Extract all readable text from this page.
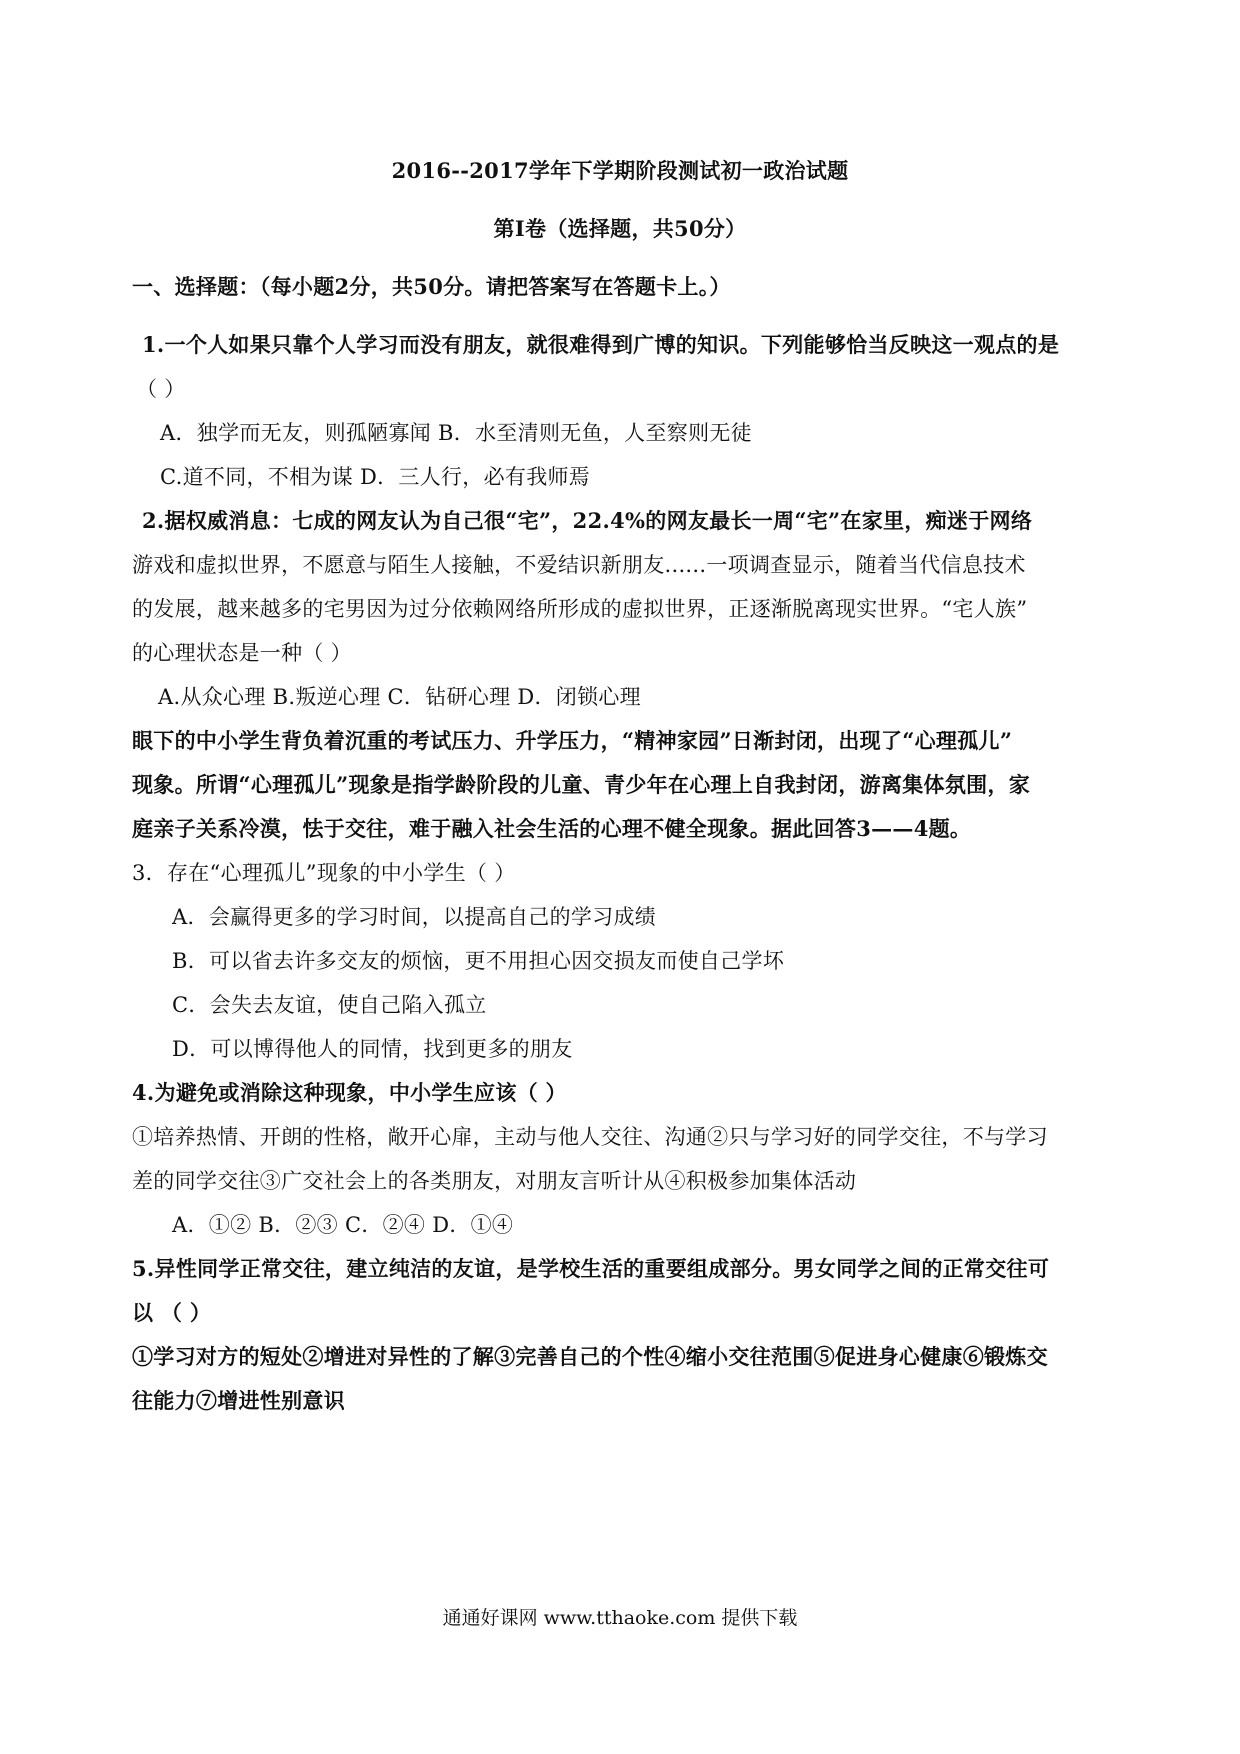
2016--2017学年下学期阶段测试初一政治试题
第Ⅰ卷（选择题，共50分）
一、选择题：（每小题2分，共50分。请把答案写在答题卡上。）
1.一个人如果只靠个人学习而没有朋友，就很难得到广博的知识。下列能够恰当反映这一观点的是
（ ）
A．独学而无友，则孤陋寡闻 B．水至清则无鱼，人至察则无徒
C.道不同，不相为谋 D．三人行，必有我师焉
2.据权威消息：七成的网友认为自己很“宅”，22.4%的网友最长一周“宅”在家里，痴迷于网络
游戏和虚拟世界，不愿意与陌生人接触，不爱结识新朋友......一项调查显示，随着当代信息技术
的发展，越来越多的宅男因为过分依赖网络所形成的虚拟世界，正逐渐脱离现实世界。“宅人族”
的心理状态是一种（ ）
A.从众心理 B.叛逆心理 C．钻研心理 D．闭锁心理
眼下的中小学生背负着沉重的考试压力、升学压力，“精神家园”日渐封闭，出现了“心理孤儿”
现象。所谓“心理孤儿”现象是指学龄阶段的儿童、青少年在心理上自我封闭，游离集体氛围，家
庭亲子关系冷漠，怯于交往，难于融入社会生活的心理不健全现象。据此回答3——4题。
3．存在“心理孤儿”现象的中小学生（ ）
A．会赢得更多的学习时间，以提高自己的学习成绩
B．可以省去许多交友的烦恼，更不用担心因交损友而使自己学坏
C．会失去友谊，使自己陷入孤立
D．可以博得他人的同情，找到更多的朋友
4.为避免或消除这种现象，中小学生应该（ ）
①培养热情、开朗的性格，敞开心扉，主动与他人交往、沟通②只与学习好的同学交往，不与学习
差的同学交往③广交社会上的各类朋友，对朋友言听计从④积极参加集体活动
A．①② B．②③ C．②④ D．①④
5.异性同学正常交往，建立纯洁的友谊，是学校生活的重要组成部分。男女同学之间的正常交往可
以 （ ）
①学习对方的短处②增进对异性的了解③完善自己的个性④缩小交往范围⑤促进身心健康⑥锻炼交
往能力⑦增进性别意识
通通好课网 www.tthaoke.com 提供下载
